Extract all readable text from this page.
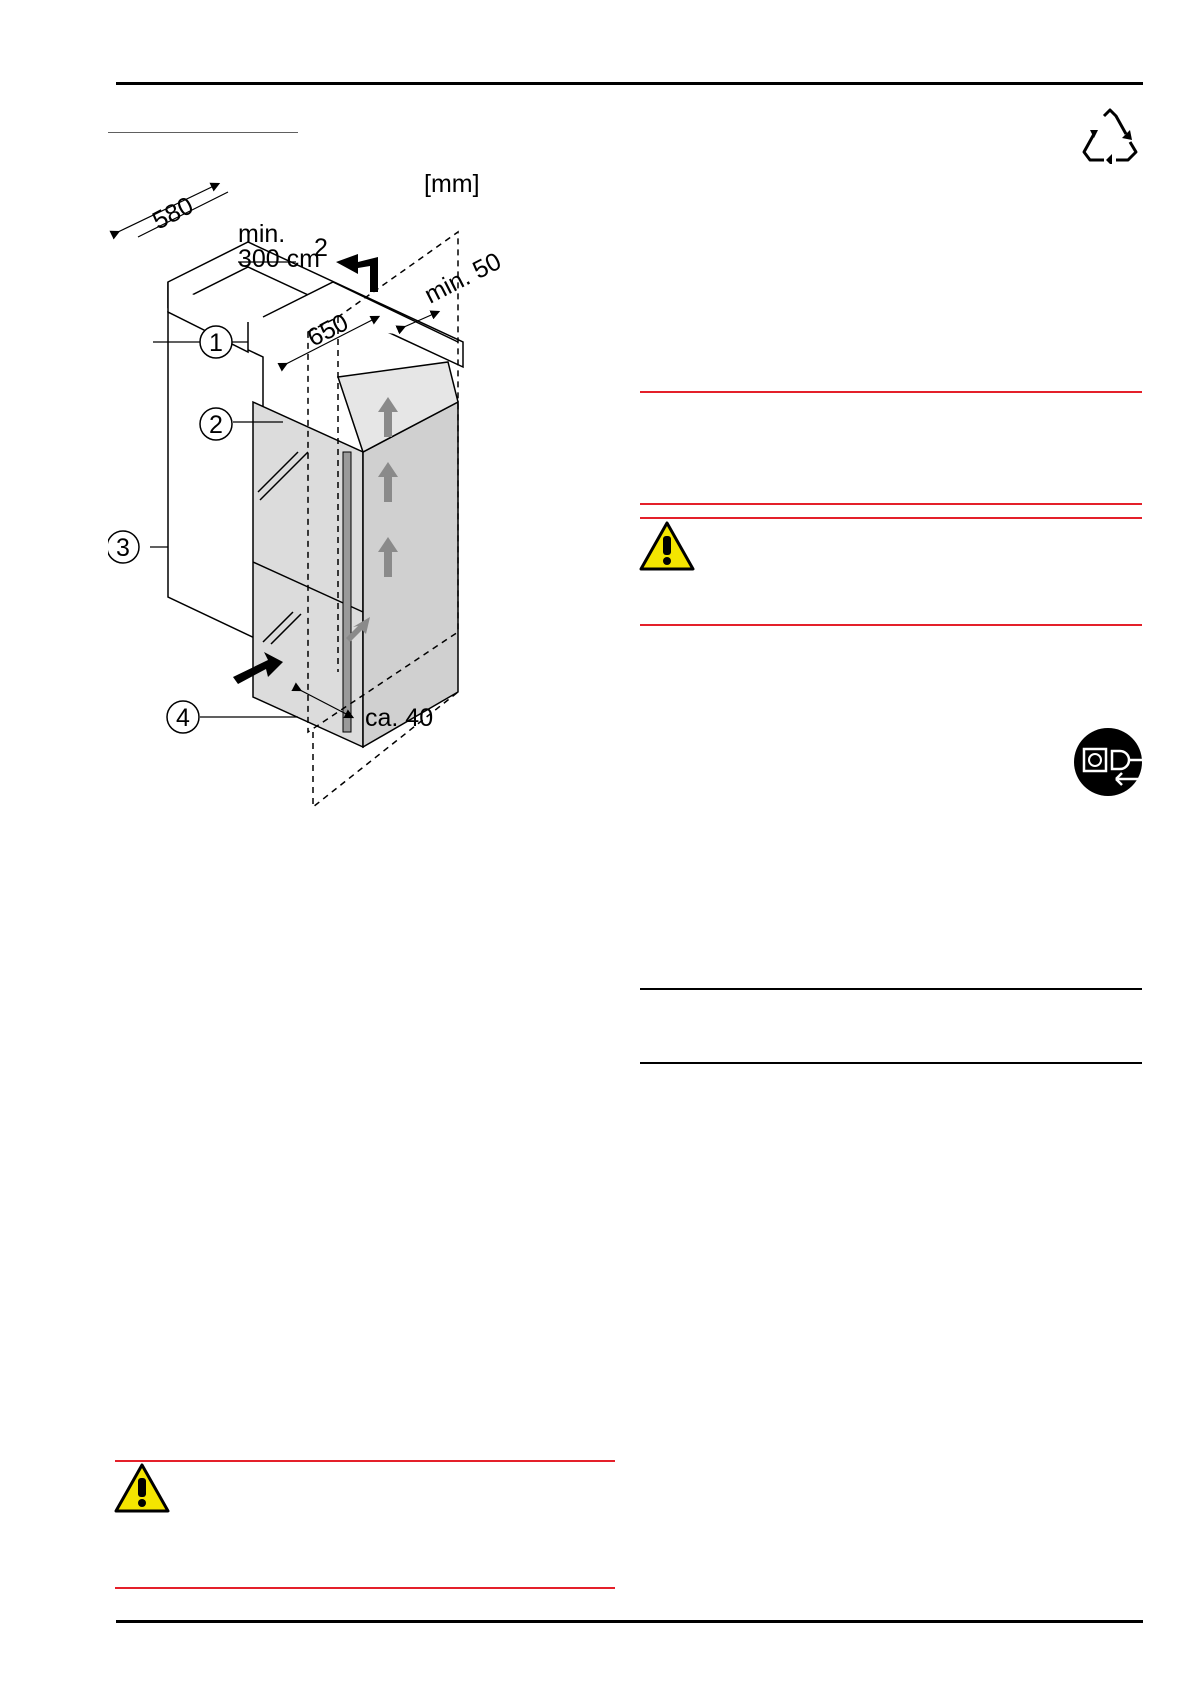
1
2
3
4
[mm]
580 min.
300 cm
2
650
min. 50
ca. 40
